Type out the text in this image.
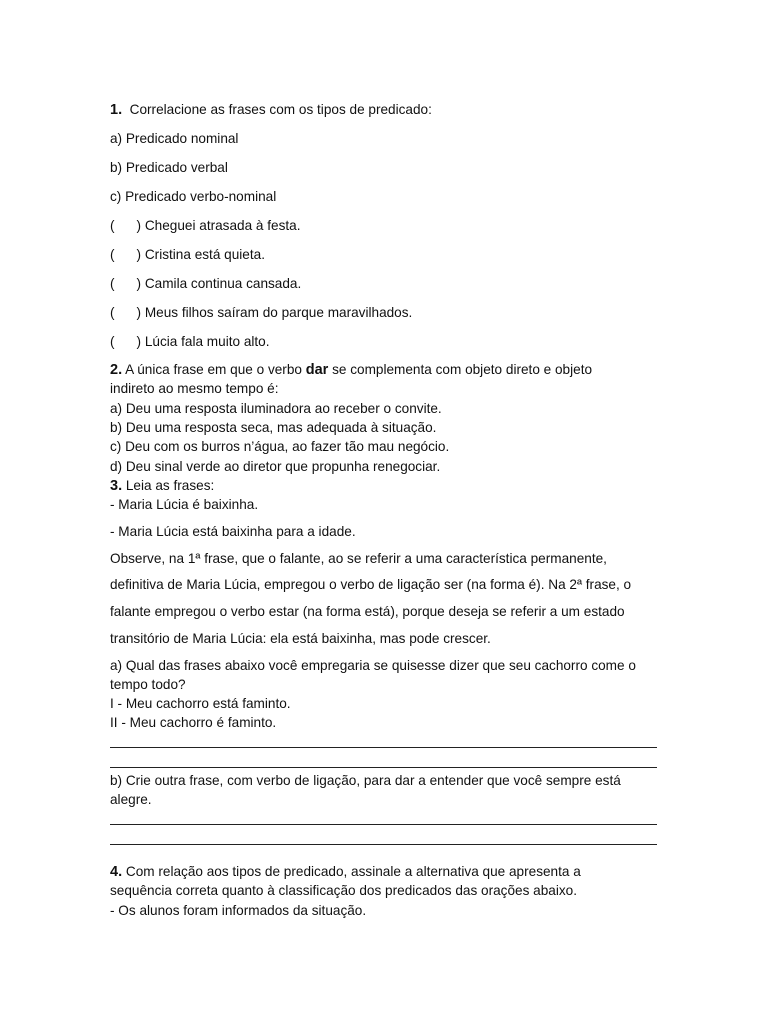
1. Correlacione as frases com os tipos de predicado:
a) Predicado nominal
b) Predicado verbal
c) Predicado verbo-nominal
( ) Cheguei atrasada à festa.
( ) Cristina está quieta.
( ) Camila continua cansada.
( ) Meus filhos saíram do parque maravilhados.
( ) Lúcia fala muito alto.
2. A única frase em que o verbo dar se complementa com objeto direto e objeto
indireto ao mesmo tempo é:
a) Deu uma resposta iluminadora ao receber o convite.
b) Deu uma resposta seca, mas adequada à situação.
c) Deu com os burros n’água, ao fazer tão mau negócio.
d) Deu sinal verde ao diretor que propunha renegociar.
3. Leia as frases:
- Maria Lúcia é baixinha.
- Maria Lúcia está baixinha para a idade.
Observe, na 1ª frase, que o falante, ao se referir a uma característica permanente,
definitiva de Maria Lúcia, empregou o verbo de ligação ser (na forma é). Na 2ª frase, o
falante empregou o verbo estar (na forma está), porque deseja se referir a um estado
transitório de Maria Lúcia: ela está baixinha, mas pode crescer.
a) Qual das frases abaixo você empregaria se quisesse dizer que seu cachorro come o
tempo todo?
I - Meu cachorro está faminto.
II - Meu cachorro é faminto.
b) Crie outra frase, com verbo de ligação, para dar a entender que você sempre está
alegre.
4. Com relação aos tipos de predicado, assinale a alternativa que apresenta a
sequência correta quanto à classificação dos predicados das orações abaixo.
- Os alunos foram informados da situação.
